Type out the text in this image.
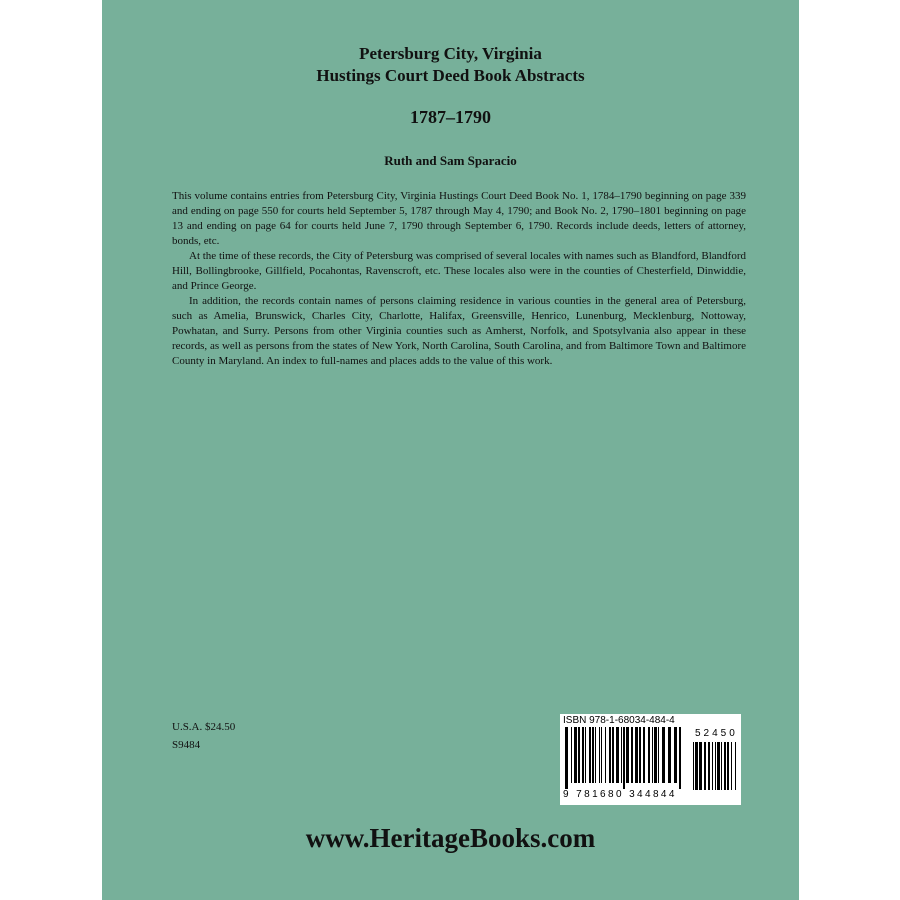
Petersburg City, Virginia
Hustings Court Deed Book Abstracts
1787–1790
Ruth and Sam Sparacio

This volume contains entries from Petersburg City, Virginia Hustings Court Deed Book No. 1, 1784–1790 beginning on page 339 and ending on page 550 for courts held September 5, 1787 through May 4, 1790; and Book No. 2, 1790–1801 beginning on page 13 and ending on page 64 for courts held June 7, 1790 through September 6, 1790. Records include deeds, letters of attorney, bonds, etc.

At the time of these records, the City of Petersburg was comprised of several locales with names such as Blandford, Blandford Hill, Bollingbrooke, Gillfield, Pocahontas, Ravenscroft, etc. These locales also were in the counties of Chesterfield, Dinwiddie, and Prince George.

In addition, the records contain names of persons claiming residence in various counties in the general area of Petersburg, such as Amelia, Brunswick, Charles City, Charlotte, Halifax, Greensville, Henrico, Lunenburg, Mecklenburg, Nottoway, Powhatan, and Surry. Persons from other Virginia counties such as Amherst, Norfolk, and Spotsylvania also appear in these records, as well as persons from the states of New York, North Carolina, South Carolina, and from Baltimore Town and Baltimore County in Maryland. An index to full-names and places adds to the value of this work.

U.S.A. $24.50
S9484
ISBN 978-1-68034-484-4
52450
9 781680 344844
www.HeritageBooks.com
